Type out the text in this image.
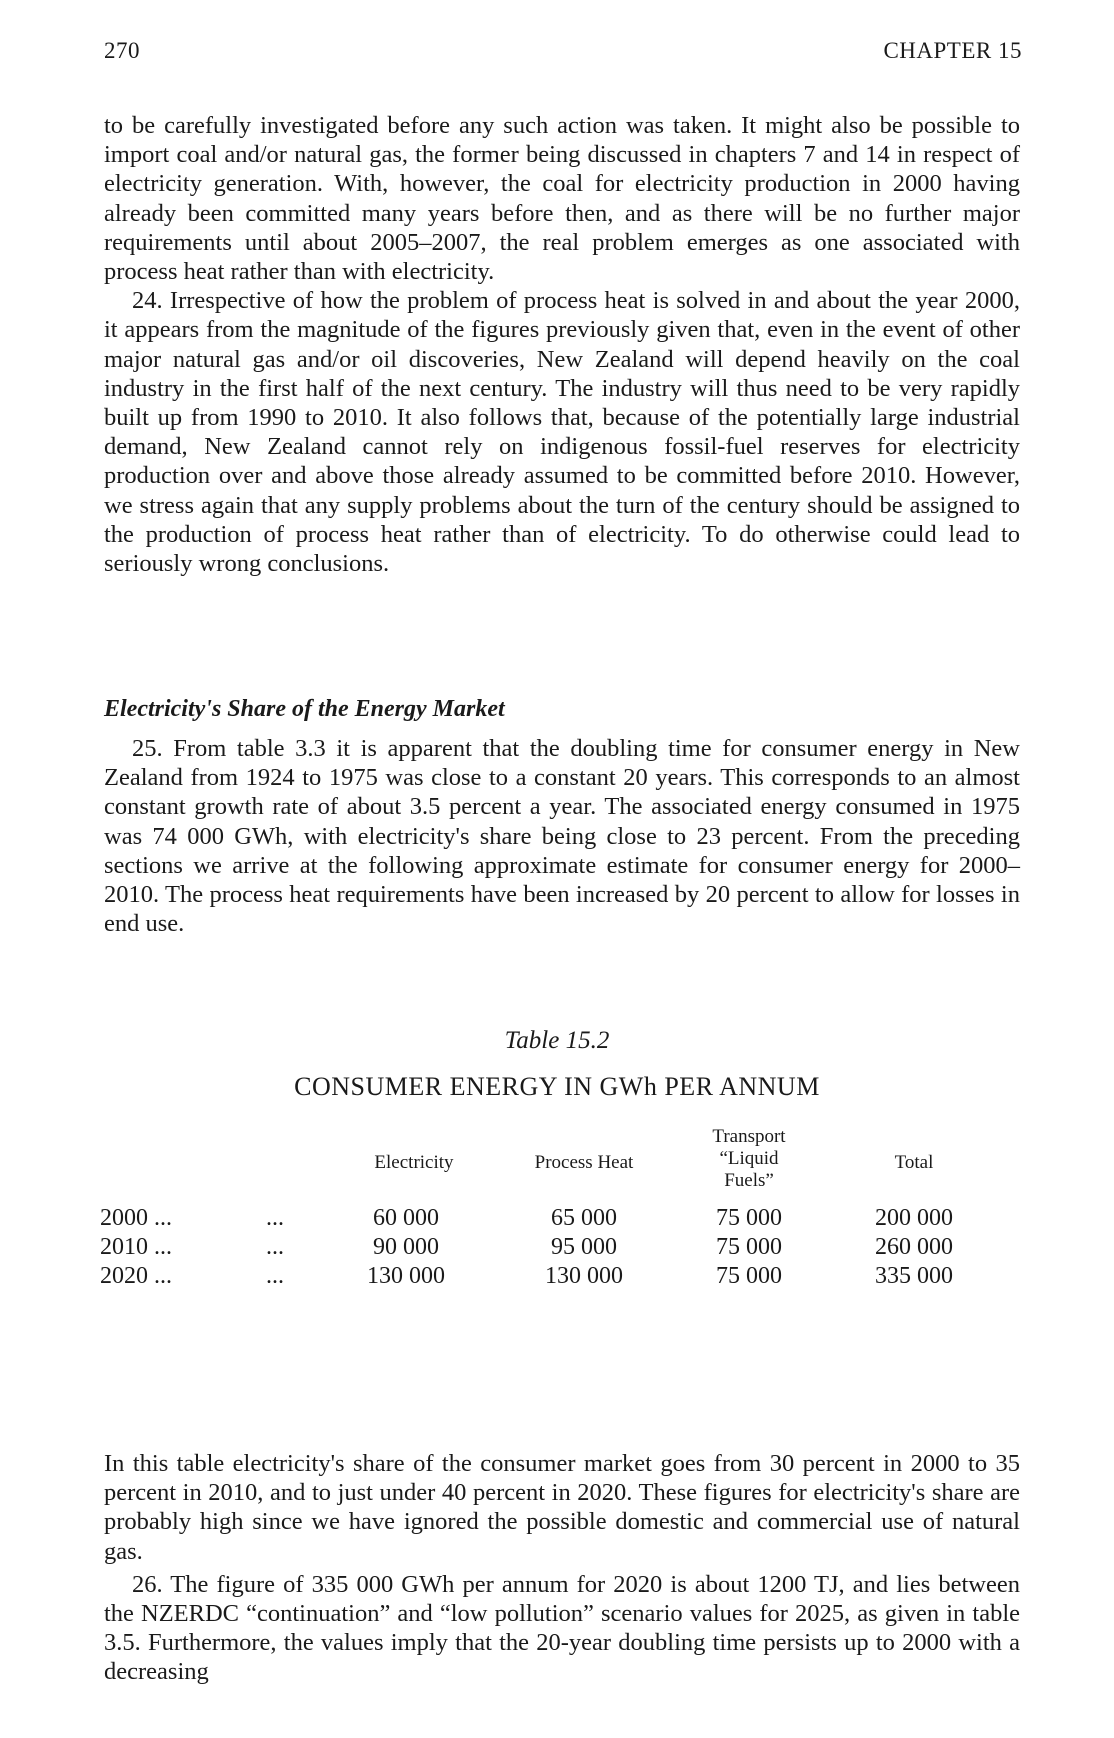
270	CHAPTER 15

to be carefully investigated before any such action was taken. It might also be possible to import coal and/or natural gas, the former being discussed in chapters 7 and 14 in respect of electricity generation. With, however, the coal for electricity production in 2000 having already been committed many years before then, and as there will be no further major requirements until about 2005–2007, the real problem emerges as one associated with process heat rather than with electricity.

24. Irrespective of how the problem of process heat is solved in and about the year 2000, it appears from the magnitude of the figures previously given that, even in the event of other major natural gas and/or oil discoveries, New Zealand will depend heavily on the coal industry in the first half of the next century. The industry will thus need to be very rapidly built up from 1990 to 2010. It also follows that, because of the potentially large industrial demand, New Zealand cannot rely on indigenous fossil-fuel reserves for electricity production over and above those already assumed to be committed before 2010. However, we stress again that any supply problems about the turn of the century should be assigned to the production of process heat rather than of electricity. To do otherwise could lead to seriously wrong conclusions.

Electricity's Share of the Energy Market

25. From table 3.3 it is apparent that the doubling time for consumer energy in New Zealand from 1924 to 1975 was close to a constant 20 years. This corresponds to an almost constant growth rate of about 3.5 percent a year. The associated energy consumed in 1975 was 74 000 GWh, with electricity's share being close to 23 percent. From the preceding sections we arrive at the following approximate estimate for consumer energy for 2000–2010. The process heat requirements have been increased by 20 percent to allow for losses in end use.

Table 15.2
CONSUMER ENERGY IN GWh PER ANNUM
Electricity	Process Heat
Transport
“Liquid
Fuels”
Total
2000 ...	...	60 000	65 000	75 000	200 000
2010 ...	...	90 000	95 000	75 000	260 000
2020 ...	...	130 000	130 000	75 000	335 000

In this table electricity's share of the consumer market goes from 30 percent in 2000 to 35 percent in 2010, and to just under 40 percent in 2020. These figures for electricity's share are probably high since we have ignored the possible domestic and commercial use of natural gas.

26. The figure of 335 000 GWh per annum for 2020 is about 1200 TJ, and lies between the NZERDC “continuation” and “low pollution” scenario values for 2025, as given in table 3.5. Furthermore, the values imply that the 20-year doubling time persists up to 2000 with a decreasing
